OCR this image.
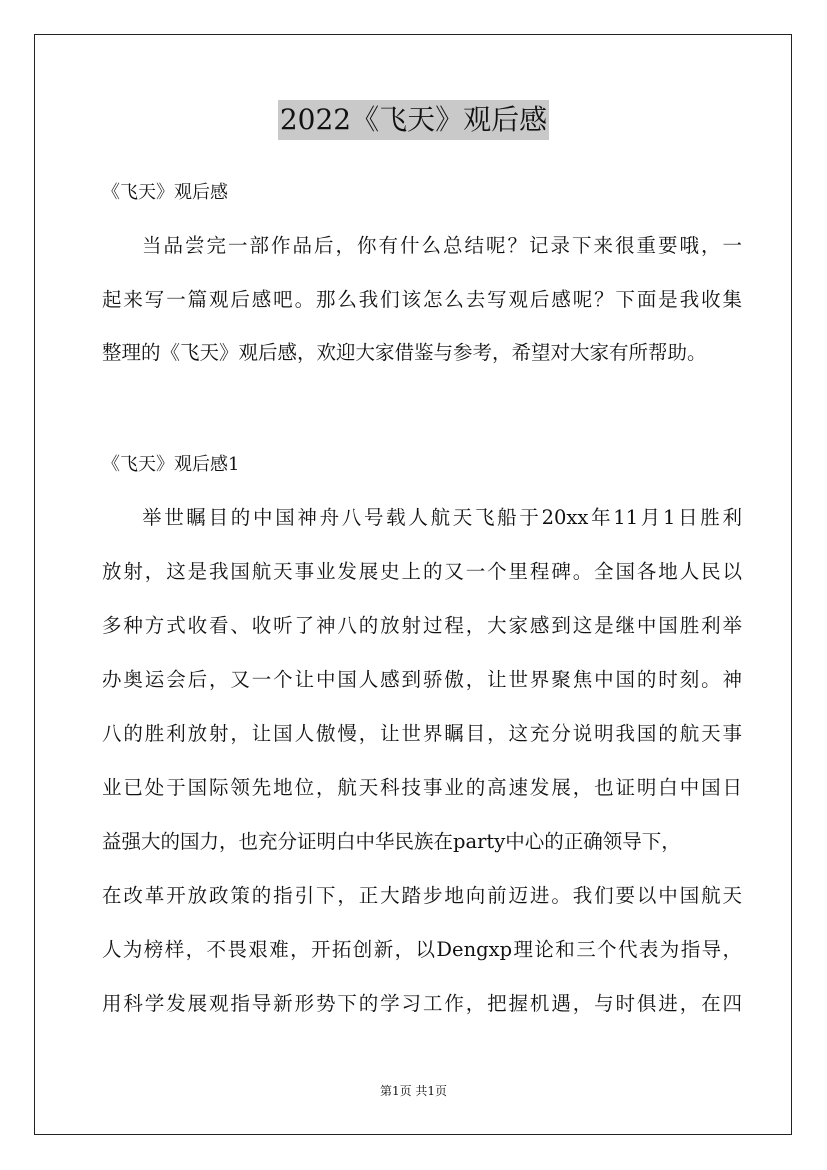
2022《飞天》观后感
《飞天》观后感
当品尝完一部作品后，你有什么总结呢？记录下来很重要哦，一
起来写一篇观后感吧。那么我们该怎么去写观后感呢？下面是我收集
整理的《飞天》观后感，欢迎大家借鉴与参考，希望对大家有所帮助。
《飞天》观后感1
举世瞩目的中国神舟八号载人航天飞船于20xx年11月1日胜利
放射，这是我国航天事业发展史上的又一个里程碑。全国各地人民以
多种方式收看、收听了神八的放射过程，大家感到这是继中国胜利举
办奥运会后，又一个让中国人感到骄傲，让世界聚焦中国的时刻。神
八的胜利放射，让国人傲慢，让世界瞩目，这充分说明我国的航天事
业已处于国际领先地位，航天科技事业的高速发展，也证明白中国日
益强大的国力，也充分证明白中华民族在party中心的正确领导下，
在改革开放政策的指引下，正大踏步地向前迈进。我们要以中国航天
人为榜样，不畏艰难，开拓创新，以Dengxp理论和三个代表为指导，
用科学发展观指导新形势下的学习工作，把握机遇，与时俱进，在四
第1页 共1页
